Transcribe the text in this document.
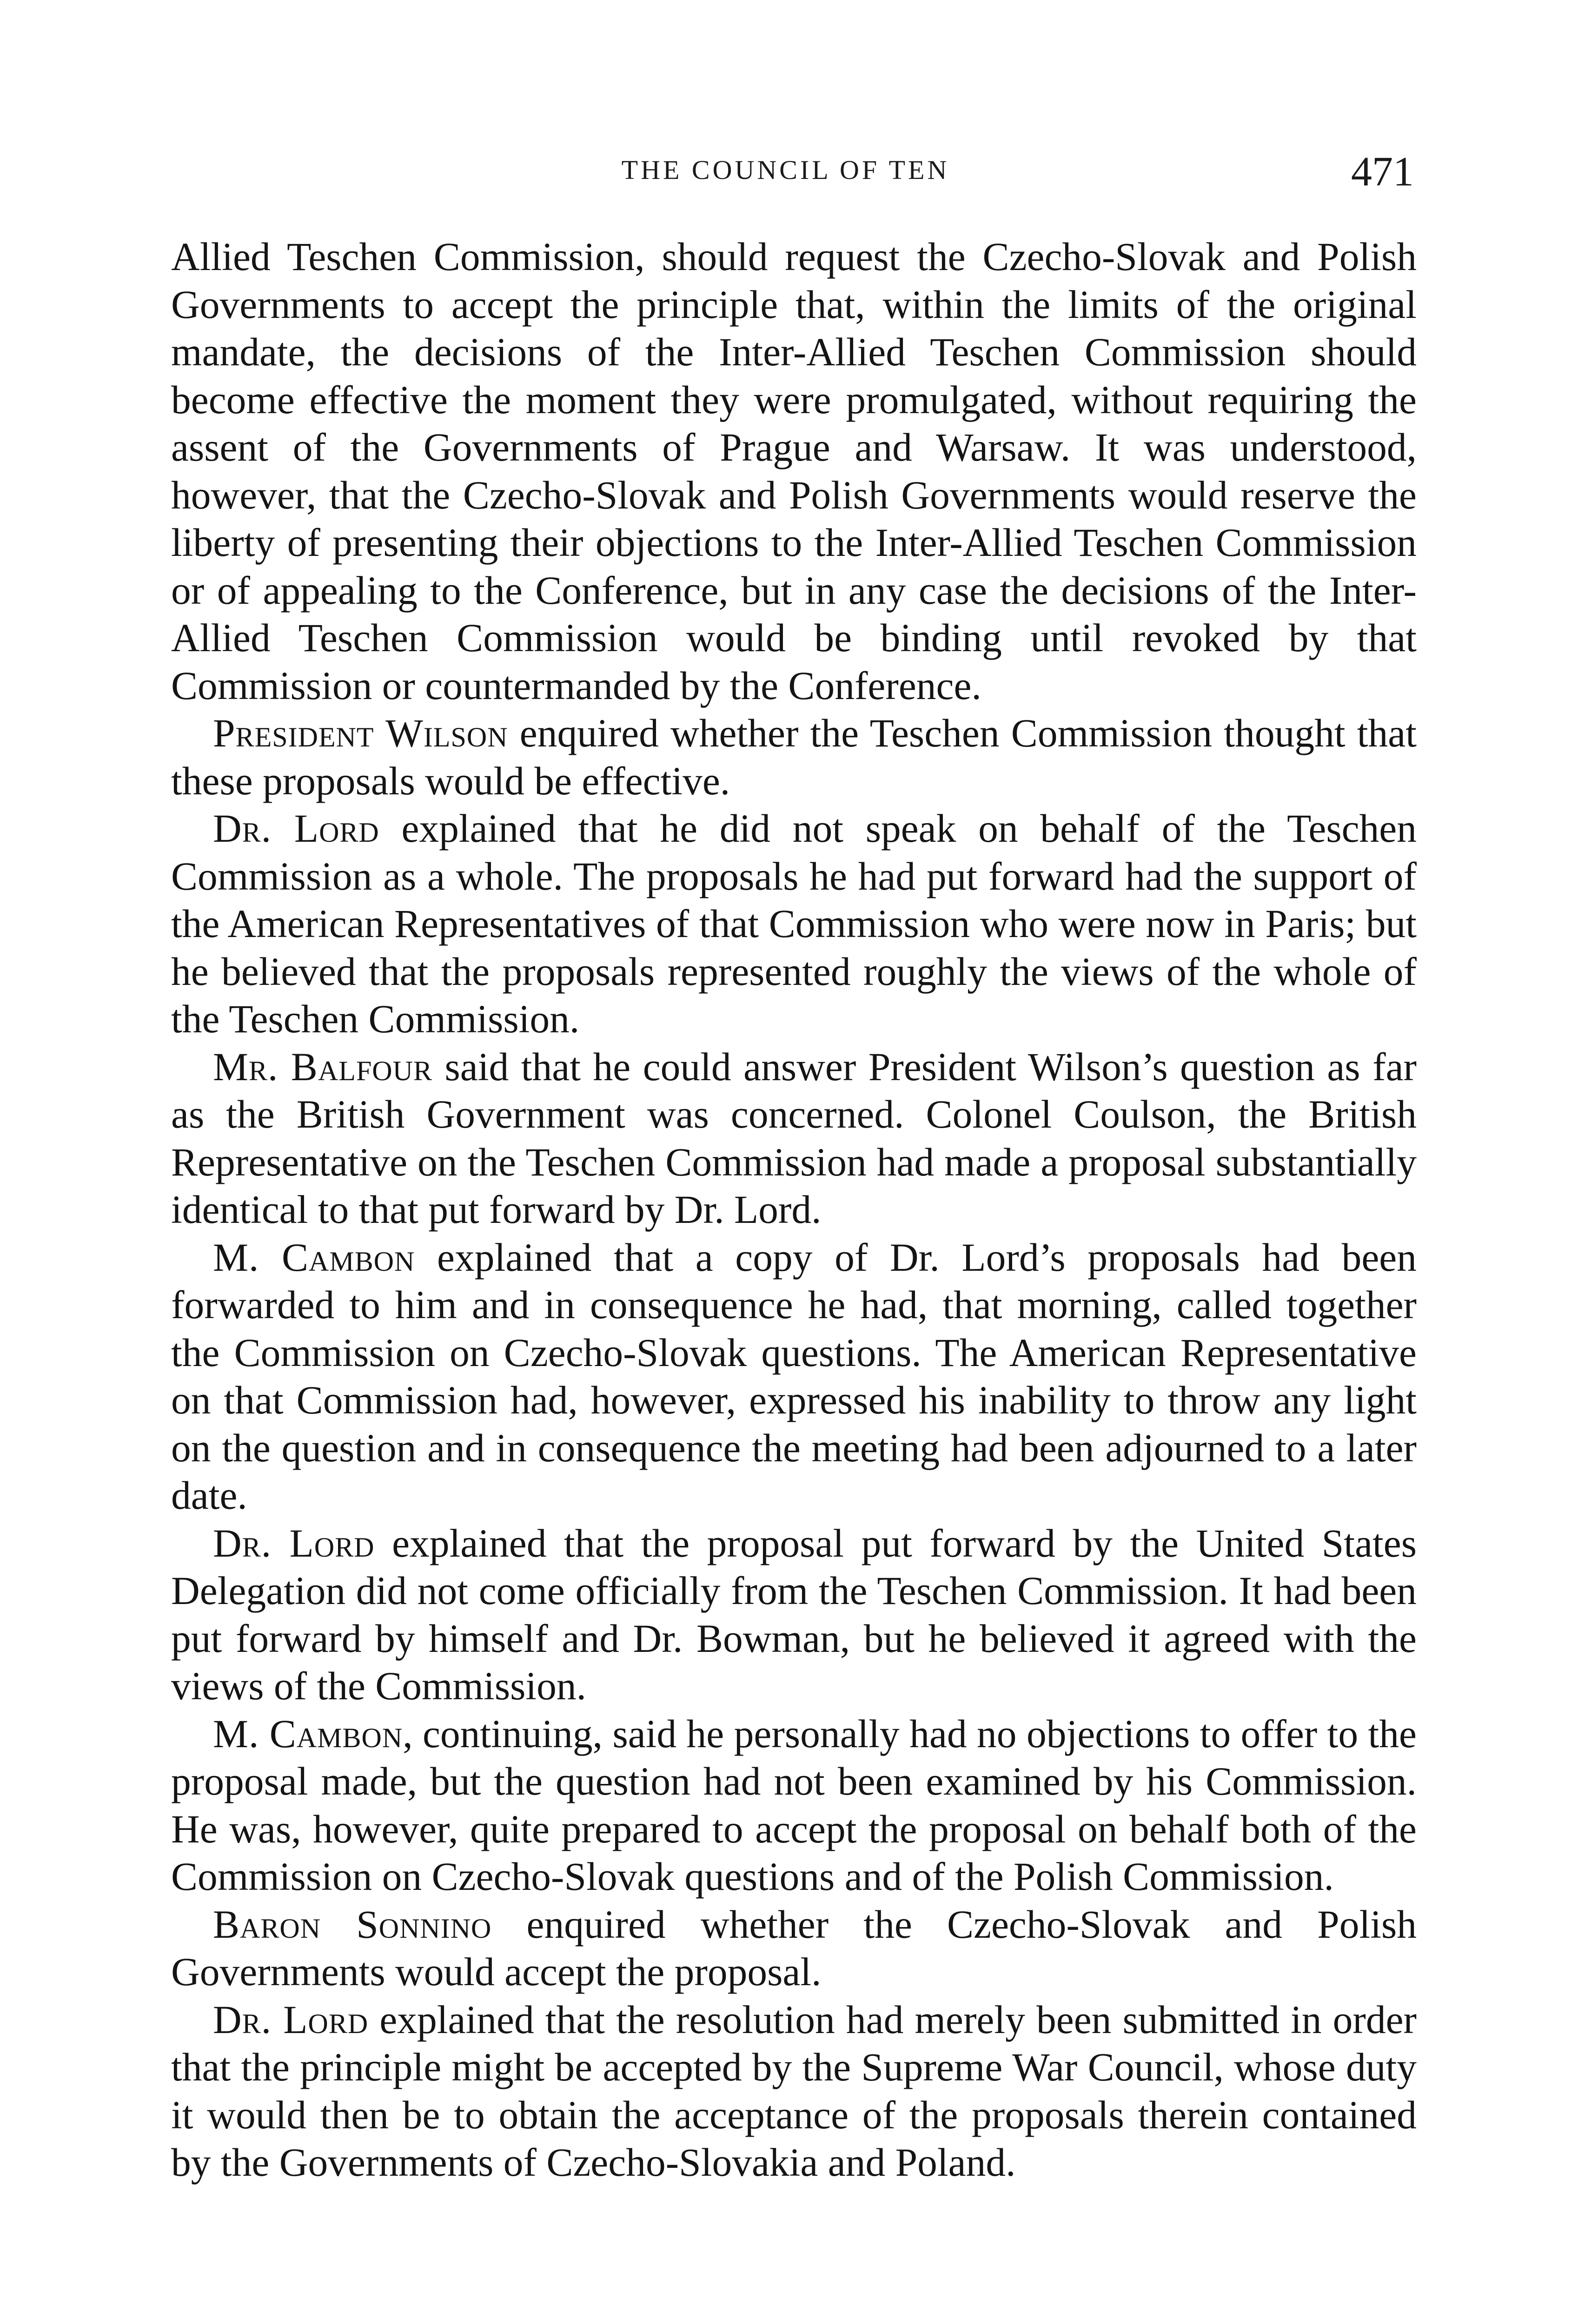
THE COUNCIL OF TEN	471

Allied Teschen Commission, should request the Czecho-Slovak and Polish Governments to accept the principle that, within the limits of the original mandate, the decisions of the Inter-Allied Teschen Commission should become effective the moment they were promulgated, without requiring the assent of the Governments of Prague and Warsaw. It was understood, however, that the Czecho-Slovak and Polish Governments would reserve the liberty of presenting their objections to the Inter-Allied Teschen Commission or of appealing to the Conference, but in any case the decisions of the Inter-Allied Teschen Commission would be binding until revoked by that Commission or countermanded by the Conference.

President Wilson enquired whether the Teschen Commission thought that these proposals would be effective.

Dr. Lord explained that he did not speak on behalf of the Teschen Commission as a whole. The proposals he had put forward had the support of the American Representatives of that Commission who were now in Paris; but he believed that the proposals represented roughly the views of the whole of the Teschen Commission.

Mr. Balfour said that he could answer President Wilson’s question as far as the British Government was concerned. Colonel Coulson, the British Representative on the Teschen Commission had made a proposal substantially identical to that put forward by Dr. Lord.

M. Cambon explained that a copy of Dr. Lord’s proposals had been forwarded to him and in consequence he had, that morning, called together the Commission on Czecho-Slovak questions. The American Representative on that Commission had, however, expressed his inability to throw any light on the question and in consequence the meeting had been adjourned to a later date.

Dr. Lord explained that the proposal put forward by the United States Delegation did not come officially from the Teschen Commission. It had been put forward by himself and Dr. Bowman, but he believed it agreed with the views of the Commission.

M. Cambon, continuing, said he personally had no objections to offer to the proposal made, but the question had not been examined by his Commission. He was, however, quite prepared to accept the proposal on behalf both of the Commission on Czecho-Slovak questions and of the Polish Commission.

Baron Sonnino enquired whether the Czecho-Slovak and Polish Governments would accept the proposal.

Dr. Lord explained that the resolution had merely been submitted in order that the principle might be accepted by the Supreme War Council, whose duty it would then be to obtain the acceptance of the proposals therein contained by the Governments of Czecho-Slovakia and Poland.
